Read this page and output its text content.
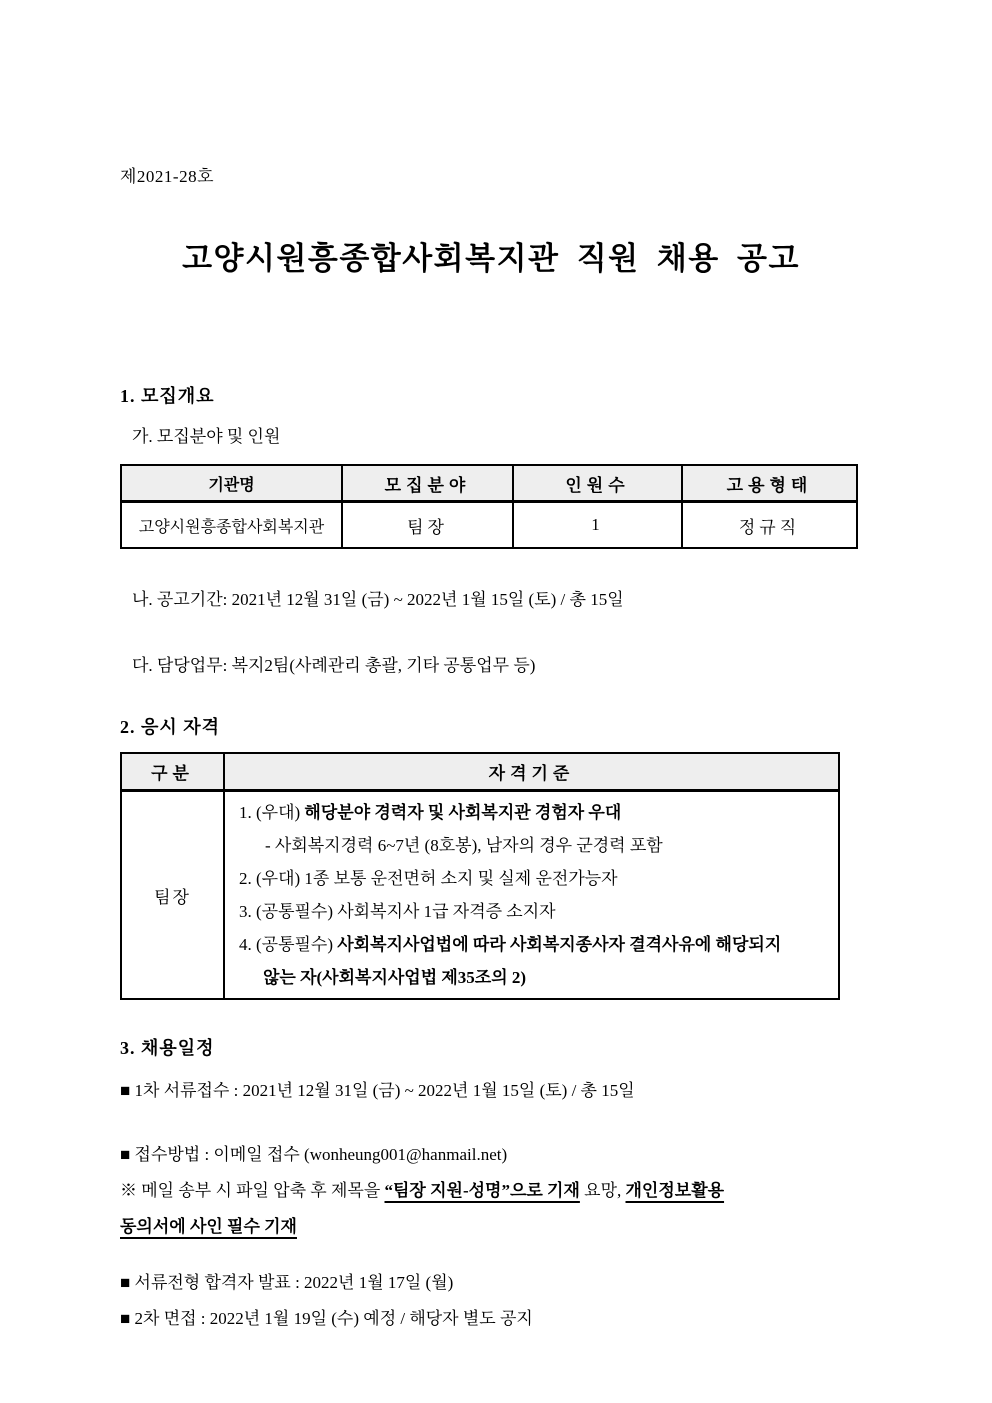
제2021-28호
고양시원흥종합사회복지관 직원 채용 공고
1. 모집개요
가. 모집분야 및 인원
기관명	모집분야	인원수	고용형태
고양시원흥종합사회복지관	팀장	1	정규직
나. 공고기간: 2021년 12월 31일 (금) ~ 2022년 1월 15일 (토) / 총 15일
다. 담당업무: 복지2팀(사례관리 총괄, 기타 공통업무 등)
2. 응시 자격
구분	자격기준
팀장	
1. (우대) 해당분야 경력자 및 사회복지관 경험자 우대
- 사회복지경력 6~7년 (8호봉), 남자의 경우 군경력 포함
2. (우대) 1종 보통 운전면허 소지 및 실제 운전가능자
3. (공통필수) 사회복지사 1급 자격증 소지자
4. (공통필수) 사회복지사업법에 따라 사회복지종사자 결격사유에 해당되지
않는 자(사회복지사업법 제35조의 2)
3. 채용일정
■ 1차 서류접수 : 2021년 12월 31일 (금) ~ 2022년 1월 15일 (토) / 총 15일
■ 접수방법 : 이메일 접수 (wonheung001@hanmail.net)
※ 메일 송부 시 파일 압축 후 제목을 “팀장 지원-성명”으로 기재 요망, 개인정보활용
동의서에 사인 필수 기재
■ 서류전형 합격자 발표 : 2022년 1월 17일 (월)
■ 2차 면접 : 2022년 1월 19일 (수) 예정 / 해당자 별도 공지
